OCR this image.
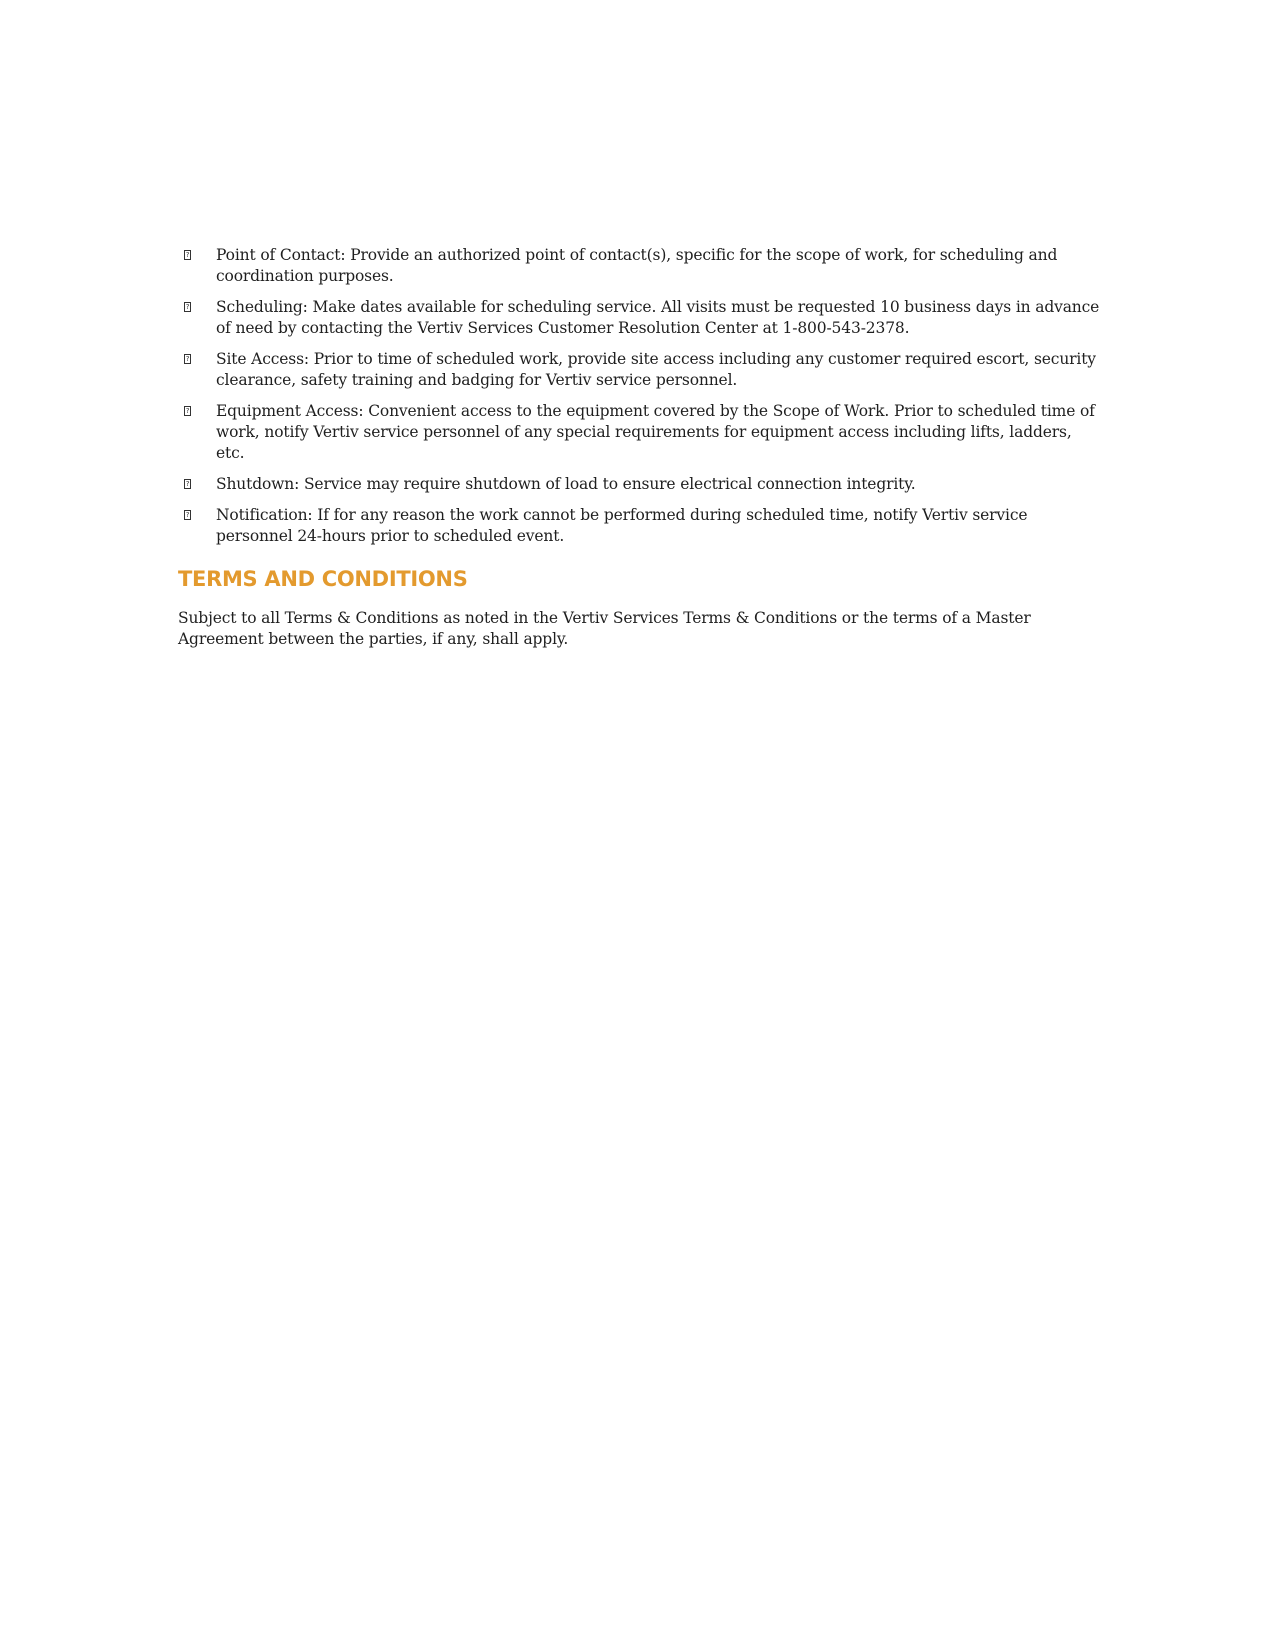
? Point of Contact: Provide an authorized point of contact(s), specific for the scope of work, for scheduling and coordination purposes.
? Scheduling: Make dates available for scheduling service. All visits must be requested 10 business days in advance of need by contacting the Vertiv Services Customer Resolution Center at 1-800-543-2378.
? Site Access: Prior to time of scheduled work, provide site access including any customer required escort, security clearance, safety training and badging for Vertiv service personnel.
? Equipment Access: Convenient access to the equipment covered by the Scope of Work. Prior to scheduled time of work, notify Vertiv service personnel of any special requirements for equipment access including lifts, ladders, etc.
? Shutdown: Service may require shutdown of load to ensure electrical connection integrity.
? Notification: If for any reason the work cannot be performed during scheduled time, notify Vertiv service personnel 24-hours prior to scheduled event.
TERMS AND CONDITIONS

Subject to all Terms & Conditions as noted in the Vertiv Services Terms & Conditions or the terms of a Master Agreement between the parties, if any, shall apply.
